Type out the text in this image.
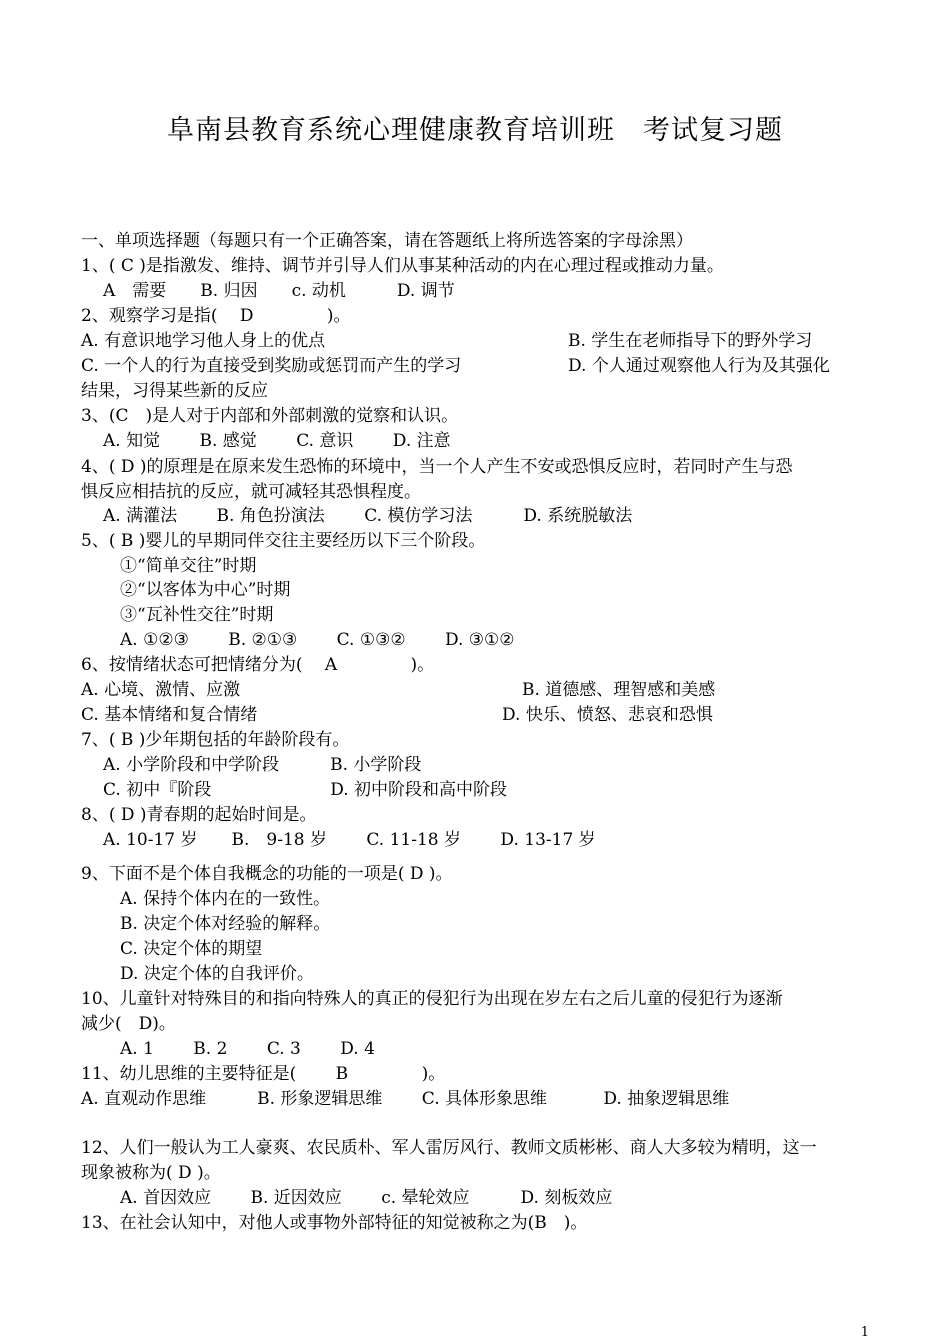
阜南县教育系统心理健康教育培训班　考试复习题
一、单项选择题（每题只有一个正确答案，请在答题纸上将所选答案的字母涂黑）
1、( C )是指激发、维持、调节并引导人们从事某种活动的内在心理过程或推动力量。
A　需要　　B. 归因　　c. 动机　　　D. 调节
2、观察学习是指(　 D　　　　 )。
A. 有意识地学习他人身上的优点	B. 学生在老师指导下的野外学习
C. 一个人的行为直接受到奖励或惩罚而产生的学习	D. 个人通过观察他人行为及其强化
结果，习得某些新的反应
3、(C　)是人对于内部和外部刺激的觉察和认识。
A. 知觉　　 B. 感觉　　 C. 意识　　 D. 注意
4、( D )的原理是在原来发生恐怖的环境中，当一个人产生不安或恐惧反应时，若同时产生与恐
惧反应相拮抗的反应，就可减轻其恐惧程度。
A. 满灌法　　 B. 角色扮演法　　 C. 模仿学习法　　　D. 系统脱敏法
5、( B )婴儿的早期同伴交往主要经历以下三个阶段。
①“简单交往”时期
②“以客体为中心”时期
③“瓦补性交往”时期
A. ①②③　　 B. ②①③　　 C. ①③②　　 D. ③①②
6、按情绪状态可把情绪分为(　 A　　　　 )。
A. 心境、激情、应激	B. 道德感、理智感和美感
C. 基本情绪和复合情绪	D. 快乐、愤怒、悲哀和恐惧
7、( B )少年期包括的年龄阶段有。
A. 小学阶段和中学阶段　　　B. 小学阶段
C. 初中『阶段　　　　　　　D. 初中阶段和高中阶段
8、( D )青春期的起始时间是。
A. 10-17 岁　　B.　9-18 岁　　 C. 11-18 岁　　 D. 13-17 岁
9、下面不是个体自我概念的功能的一项是( D )。
A. 保持个体内在的一致性。
B. 决定个体对经验的解释。
C. 决定个体的期望
D. 决定个体的自我评价。
10、儿童针对特殊目的和指向特殊人的真正的侵犯行为出现在岁左右之后儿童的侵犯行为逐渐
减少(　D)。
A. 1　　 B. 2　　 C. 3　　 D. 4
11、幼儿思维的主要特征是(　　 B　　　　 )。
A. 直观动作思维　　　B. 形象逻辑思维　　 C. 具体形象思维　　　 D. 抽象逻辑思维
12、人们一般认为工人豪爽、农民质朴、军人雷厉风行、教师文质彬彬、商人大多较为精明，这一
现象被称为( D )。
A. 首因效应　　 B. 近因效应　　 c. 晕轮效应　　　D. 刻板效应
13、在社会认知中，对他人或事物外部特征的知觉被称之为(B　)。
1
